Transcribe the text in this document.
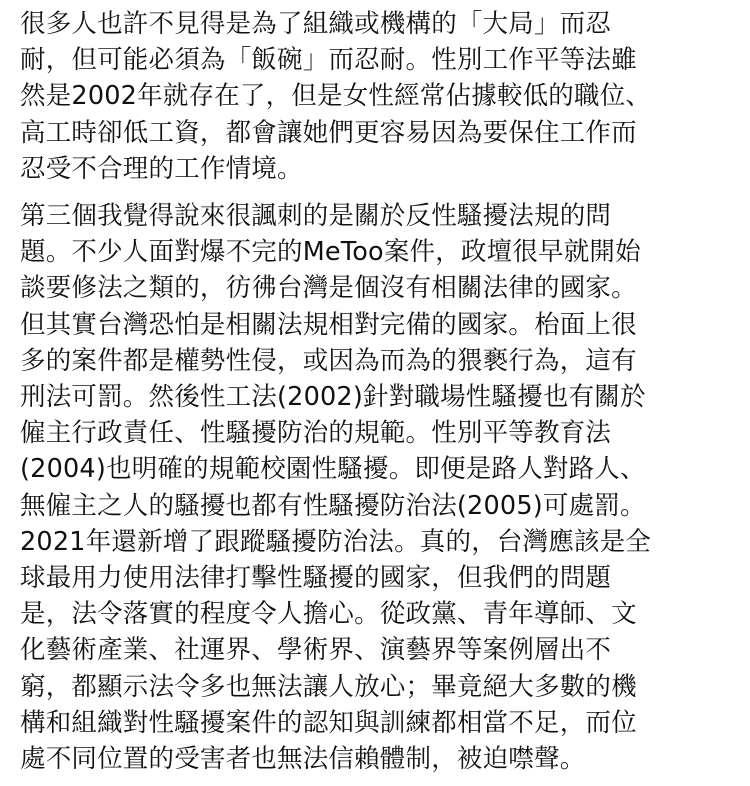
很多人也許不見得是為了組織或機構的「大局」而忍
耐，但可能必須為「飯碗」而忍耐。性別工作平等法雖
然是2002年就存在了，但是女性經常佔據較低的職位、
高工時卻低工資，都會讓她們更容易因為要保住工作而
忍受不合理的工作情境。

第三個我覺得說來很諷刺的是關於反性騷擾法規的問
題。不少人面對爆不完的MeToo案件，政壇很早就開始
談要修法之類的，彷彿台灣是個沒有相關法律的國家。
但其實台灣恐怕是相關法規相對完備的國家。枱面上很
多的案件都是權勢性侵，或因為而為的猥褻行為，這有
刑法可罰。然後性工法(2002)針對職場性騷擾也有關於
僱主行政責任、性騷擾防治的規範。性別平等教育法
(2004)也明確的規範校園性騷擾。即便是路人對路人、
無僱主之人的騷擾也都有性騷擾防治法(2005)可處罰。
2021年還新增了跟蹤騷擾防治法。真的，台灣應該是全
球最用力使用法律打擊性騷擾的國家，但我們的問題
是，法令落實的程度令人擔心。從政黨、青年導師、文
化藝術產業、社運界、學術界、演藝界等案例層出不
窮，都顯示法令多也無法讓人放心；畢竟絕大多數的機
構和組織對性騷擾案件的認知與訓練都相當不足，而位
處不同位置的受害者也無法信賴體制，被迫噤聲。
